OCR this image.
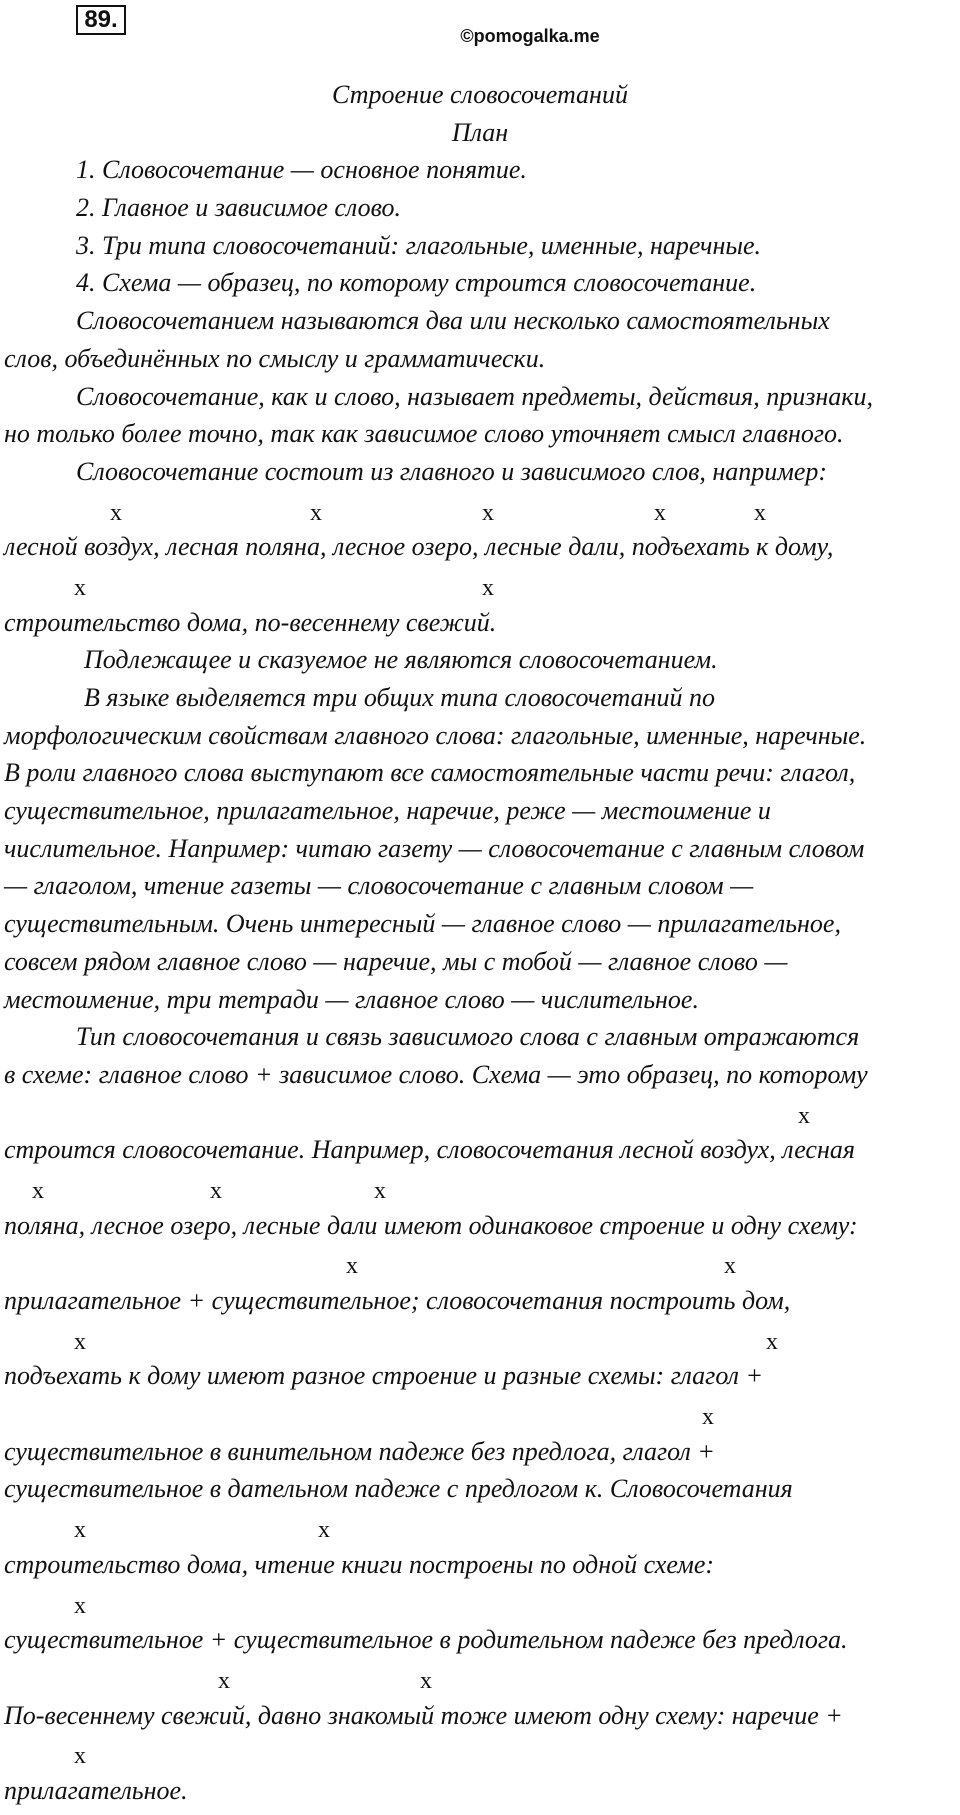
89.
©pomogalka.me
Строение словосочетаний
План
1. Словосочетание — основное понятие.
2. Главное и зависимое слово.
3. Три типа словосочетаний: глагольные, именные, наречные.
4. Схема — образец, по которому строится словосочетание.
Словосочетанием называются два или несколько самостоятельных
слов, объединённых по смыслу и грамматически.
Словосочетание, как и слово, называет предметы, действия, признаки,
но только более точно, так как зависимое слово уточняет смысл главного.
Словосочетание состоит из главного и зависимого слов, например:
x	x	x	x	x
лесной воздух, лесная поляна, лесное озеро, лесные дали, подъехать к дому,
x	x
строительство дома, по-весеннему свежий.
Подлежащее и сказуемое не являются словосочетанием.
В языке выделяется три общих типа словосочетаний по
морфологическим свойствам главного слова: глагольные, именные, наречные.
В роли главного слова выступают все самостоятельные части речи: глагол,
существительное, прилагательное, наречие, реже — местоимение и
числительное. Например: читаю газету — словосочетание с главным словом
— глаголом, чтение газеты — словосочетание с главным словом —
существительным. Очень интересный — главное слово — прилагательное,
совсем рядом главное слово — наречие, мы с тобой — главное слово —
местоимение, три тетради — главное слово — числительное.
Тип словосочетания и связь зависимого слова с главным отражаются
в схеме: главное слово + зависимое слово. Схема — это образец, по которому
x
строится словосочетание. Например, словосочетания лесной воздух, лесная
x	x	x
поляна, лесное озеро, лесные дали имеют одинаковое строение и одну схему:
x	x
прилагательное + существительное; словосочетания построить дом,
x	x
подъехать к дому имеют разное строение и разные схемы: глагол +
x
существительное в винительном падеже без предлога, глагол +
существительное в дательном падеже с предлогом к. Словосочетания
x	x
строительство дома, чтение книги построены по одной схеме:
x
существительное + существительное в родительном падеже без предлога.
x	x
По-весеннему свежий, давно знакомый тоже имеют одну схему: наречие +
x
прилагательное.
